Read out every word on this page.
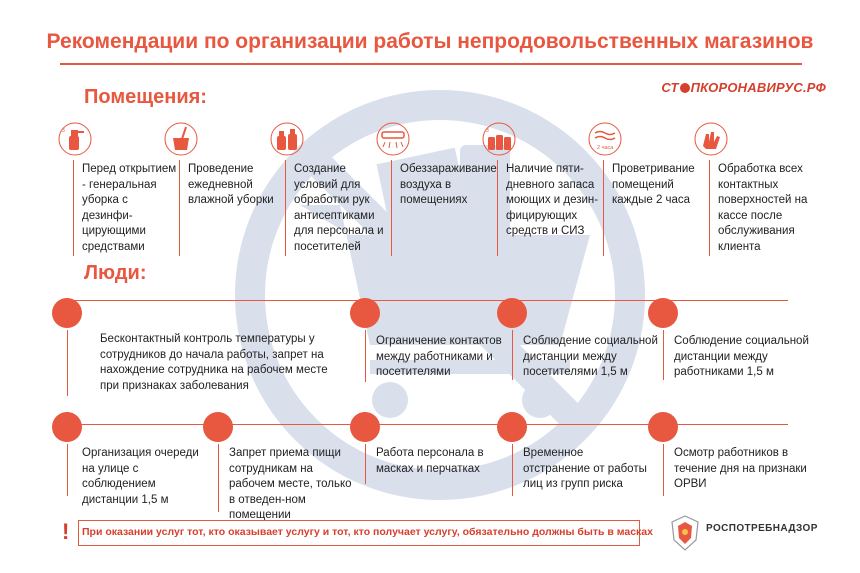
Рекомендации по организации работы непродовольственных магазинов
СТ ПКОРОНАВИРУС.РФ
Помещения:
3
Перед открытием - генеральная уборка с дезинфи-цирующими средствами
Проведение ежедневной влажной уборки
Создание условий для обработки рук антисептиками для персонала и посетителей
Обеззараживание воздуха в помещениях
3
Наличие пяти-дневного запаса моющих и дезин-фицирующих средств и СИЗ
2 часа
Проветривание помещений каждые 2 часа
Обработка всех контактных поверхностей на кассе после обслуживания клиента
Люди:
Бесконтактный контроль температуры у сотрудников до начала работы, запрет на нахождение сотрудника на рабочем месте при признаках заболевания
Ограничение контактов между работниками и посетителями
Соблюдение социальной дистанции между посетителями 1,5 м
Соблюдение социальной дистанции между работниками 1,5 м
Организация очереди на улице с соблюдением дистанции 1,5 м
Запрет приема пищи сотрудникам на рабочем месте, только в отведен-ном помещении
Работа персонала в масках и перчатках
Временное отстранение от работы лиц из групп риска
Осмотр работников в течение дня на признаки ОРВИ
! При оказании услуг тот, кто оказывает услугу и тот, кто получает услугу, обязательно должны быть в масках	РОСПОТРЕБНАДЗОР
